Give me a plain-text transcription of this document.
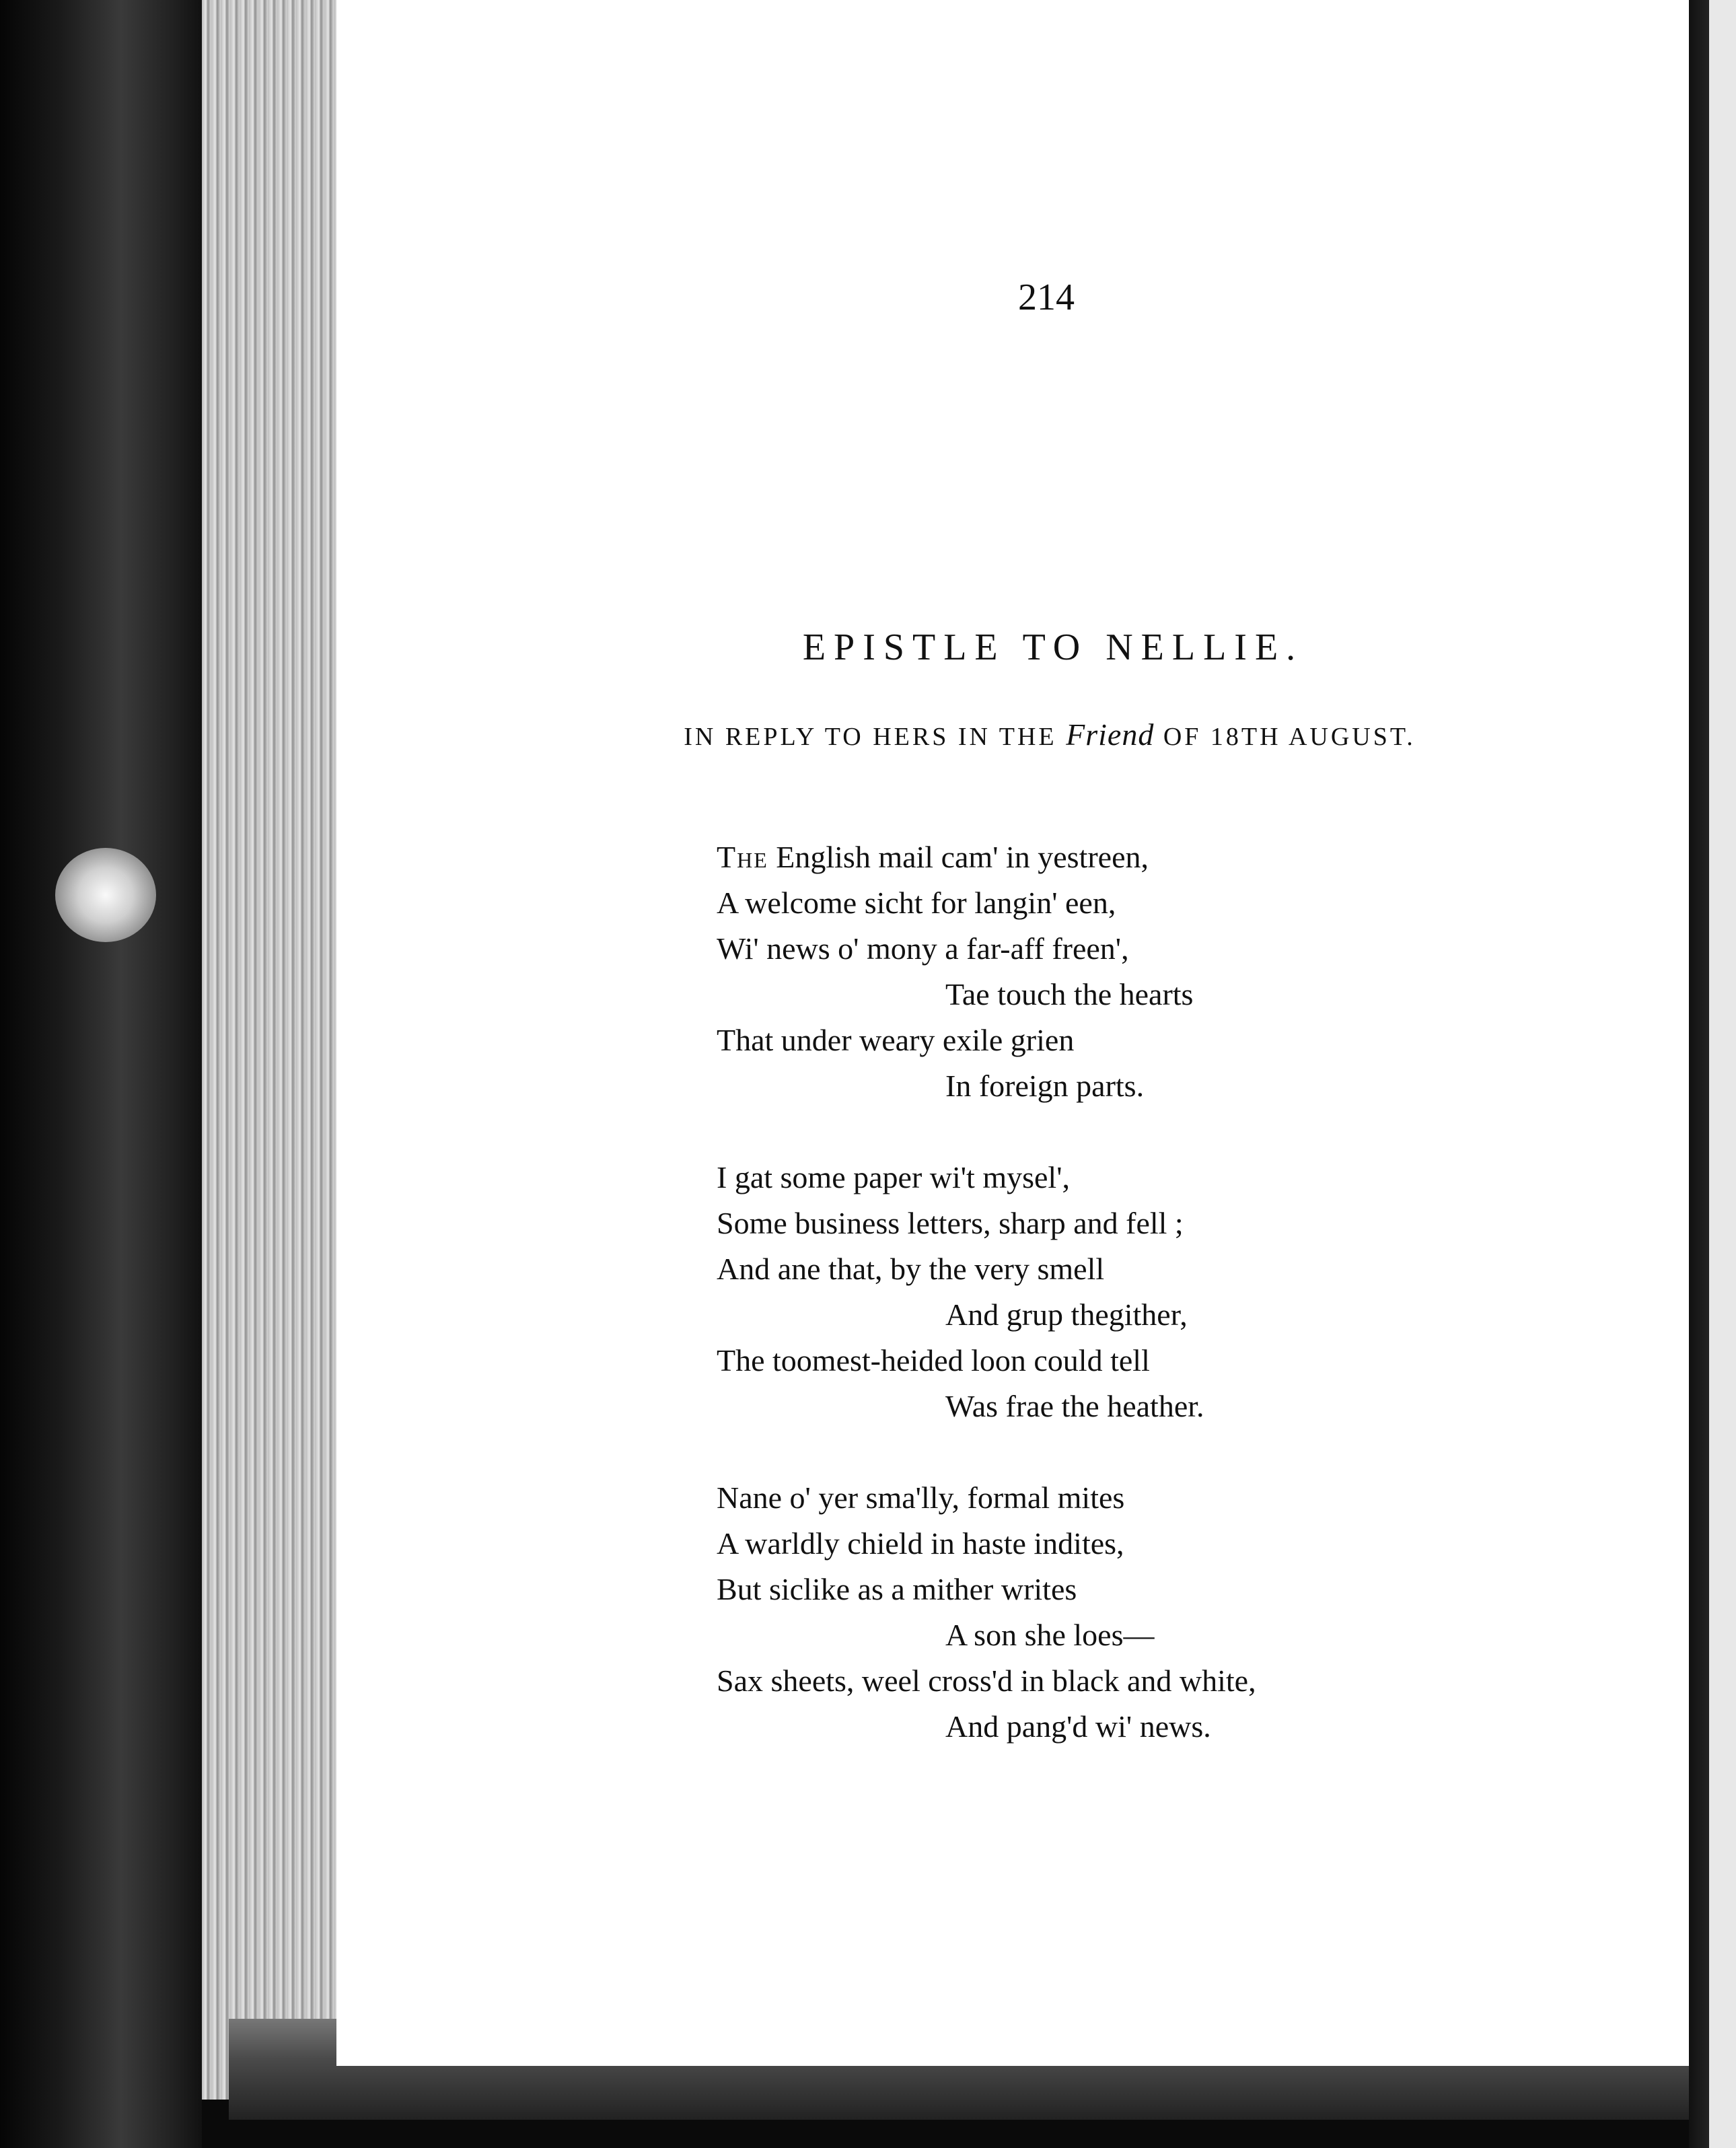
214
EPISTLE TO NELLIE.
IN REPLY TO HERS IN THE Friend OF 18TH AUGUST.
The English mail cam' in yestreen,
A welcome sicht for langin' een,
Wi' news o' mony a far-aff freen',
Tae touch the hearts
That under weary exile grien
In foreign parts.
I gat some paper wi't mysel',
Some business letters, sharp and fell ;
And ane that, by the very smell
And grup thegither,
The toomest-heided loon could tell
Was frae the heather.
Nane o' yer sma'lly, formal mites
A warldly chield in haste indites,
But siclike as a mither writes
A son she loes—
Sax sheets, weel cross'd in black and white,
And pang'd wi' news.
